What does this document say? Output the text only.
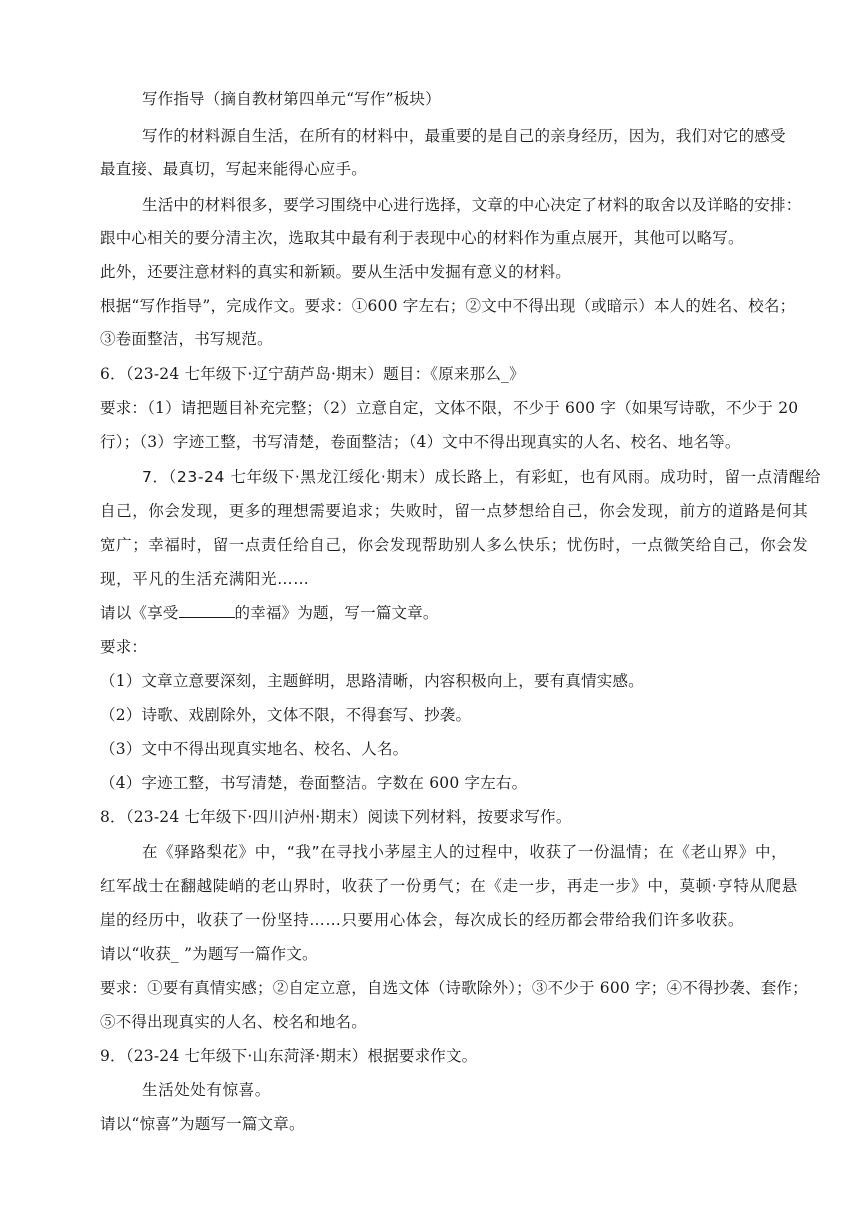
写作指导（摘自教材第四单元“写作”板块）
写作的材料源自生活，在所有的材料中，最重要的是自己的亲身经历，因为，我们对它的感受
最直接、最真切，写起来能得心应手。
生活中的材料很多，要学习围绕中心进行选择，文章的中心决定了材料的取舍以及详略的安排：
跟中心相关的要分清主次，选取其中最有利于表现中心的材料作为重点展开，其他可以略写。
此外，还要注意材料的真实和新颖。要从生活中发掘有意义的材料。
根据“写作指导”，完成作文。要求：①600 字左右；②文中不得出现（或暗示）本人的姓名、校名；
③卷面整洁，书写规范。
6．（23-24 七年级下·辽宁葫芦岛·期末）题目：《原来那么_》
要求：（1）请把题目补充完整；（2）立意自定，文体不限，不少于 600 字（如果写诗歌，不少于 20
行）；（3）字迹工整，书写清楚，卷面整洁；（4）文中不得出现真实的人名、校名、地名等。
7．（23-24 七年级下·黑龙江绥化·期末）成长路上，有彩虹，也有风雨。成功时，留一点清醒给
自己，你会发现，更多的理想需要追求；失败时，留一点梦想给自己，你会发现，前方的道路是何其
宽广；幸福时，留一点责任给自己，你会发现帮助别人多么快乐；忧伤时，一点微笑给自己，你会发
现，平凡的生活充满阳光……
请以《享受	的幸福》为题，写一篇文章。
要求：
（1）文章立意要深刻，主题鲜明，思路清晰，内容积极向上，要有真情实感。
（2）诗歌、戏剧除外，文体不限，不得套写、抄袭。
（3）文中不得出现真实地名、校名、人名。
（4）字迹工整，书写清楚，卷面整洁。字数在 600 字左右。
8．（23-24 七年级下·四川泸州·期末）阅读下列材料，按要求写作。
在《驿路梨花》中，“我”在寻找小茅屋主人的过程中，收获了一份温情；在《老山界》中，
红军战士在翻越陡峭的老山界时，收获了一份勇气；在《走一步，再走一步》中，莫顿·亨特从爬悬
崖的经历中，收获了一份坚持……只要用心体会，每次成长的经历都会带给我们许多收获。
请以“收获_ ”为题写一篇作文。
要求：①要有真情实感；②自定立意，自选文体（诗歌除外）；③不少于 600 字；④不得抄袭、套作；
⑤不得出现真实的人名、校名和地名。
9．（23-24 七年级下·山东菏泽·期末）根据要求作文。
生活处处有惊喜。
请以“惊喜”为题写一篇文章。
